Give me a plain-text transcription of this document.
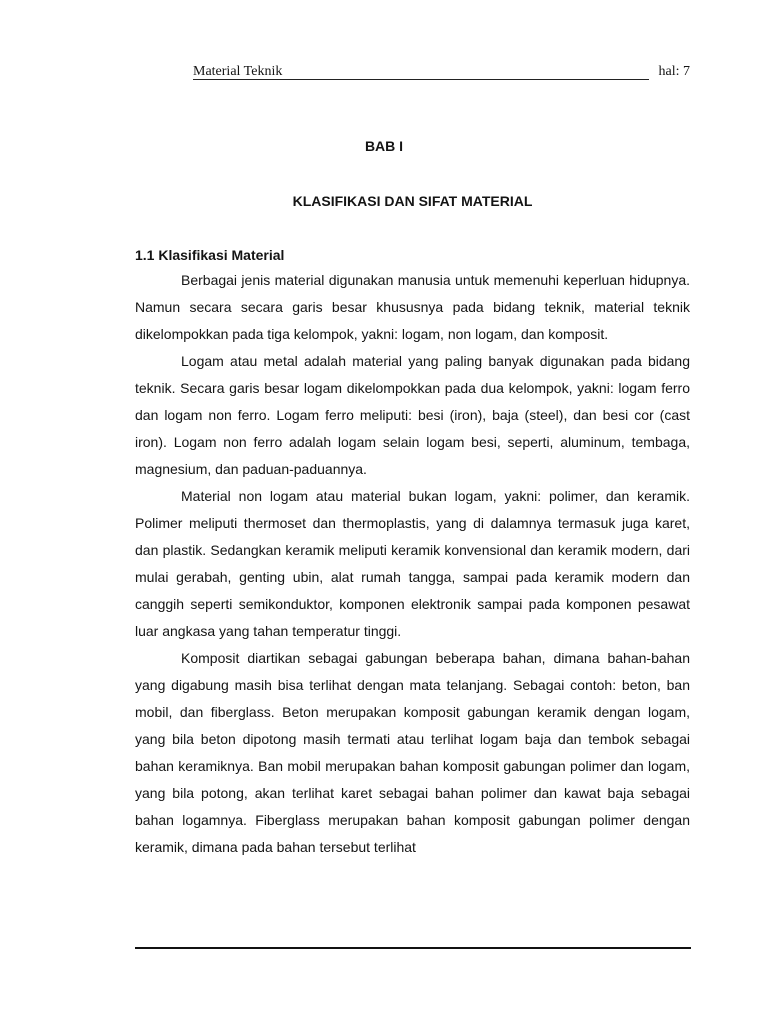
Material Teknik	hal: 7
BAB I
KLASIFIKASI DAN SIFAT MATERIAL
1.1 Klasifikasi Material

Berbagai jenis material digunakan manusia untuk memenuhi keperluan hidupnya. Namun secara secara garis besar khususnya pada bidang teknik, material teknik dikelompokkan pada tiga kelompok, yakni: logam, non logam, dan komposit.

Logam atau metal adalah material yang paling banyak digunakan pada bidang teknik. Secara garis besar logam dikelompokkan pada dua kelompok, yakni: logam ferro dan logam non ferro. Logam ferro meliputi: besi (iron), baja (steel), dan besi cor (cast iron). Logam non ferro adalah logam selain logam besi, seperti, aluminum, tembaga, magnesium, dan paduan-paduannya.

Material non logam atau material bukan logam, yakni: polimer, dan keramik. Polimer meliputi thermoset dan thermoplastis, yang di dalamnya termasuk juga karet, dan plastik. Sedangkan keramik meliputi keramik konvensional dan keramik modern, dari mulai gerabah, genting ubin, alat rumah tangga, sampai pada keramik modern dan canggih seperti semikonduktor, komponen elektronik sampai pada komponen pesawat luar angkasa yang tahan temperatur tinggi.

Komposit diartikan sebagai gabungan beberapa bahan, dimana bahan-bahan yang digabung masih bisa terlihat dengan mata telanjang. Sebagai contoh: beton, ban mobil, dan fiberglass. Beton merupakan komposit gabungan keramik dengan logam, yang bila beton dipotong masih termati atau terlihat logam baja dan tembok sebagai bahan keramiknya. Ban mobil merupakan bahan komposit gabungan polimer dan logam, yang bila potong, akan terlihat karet sebagai bahan polimer dan kawat baja sebagai bahan logamnya. Fiberglass merupakan bahan komposit gabungan polimer dengan keramik, dimana pada bahan tersebut terlihat
